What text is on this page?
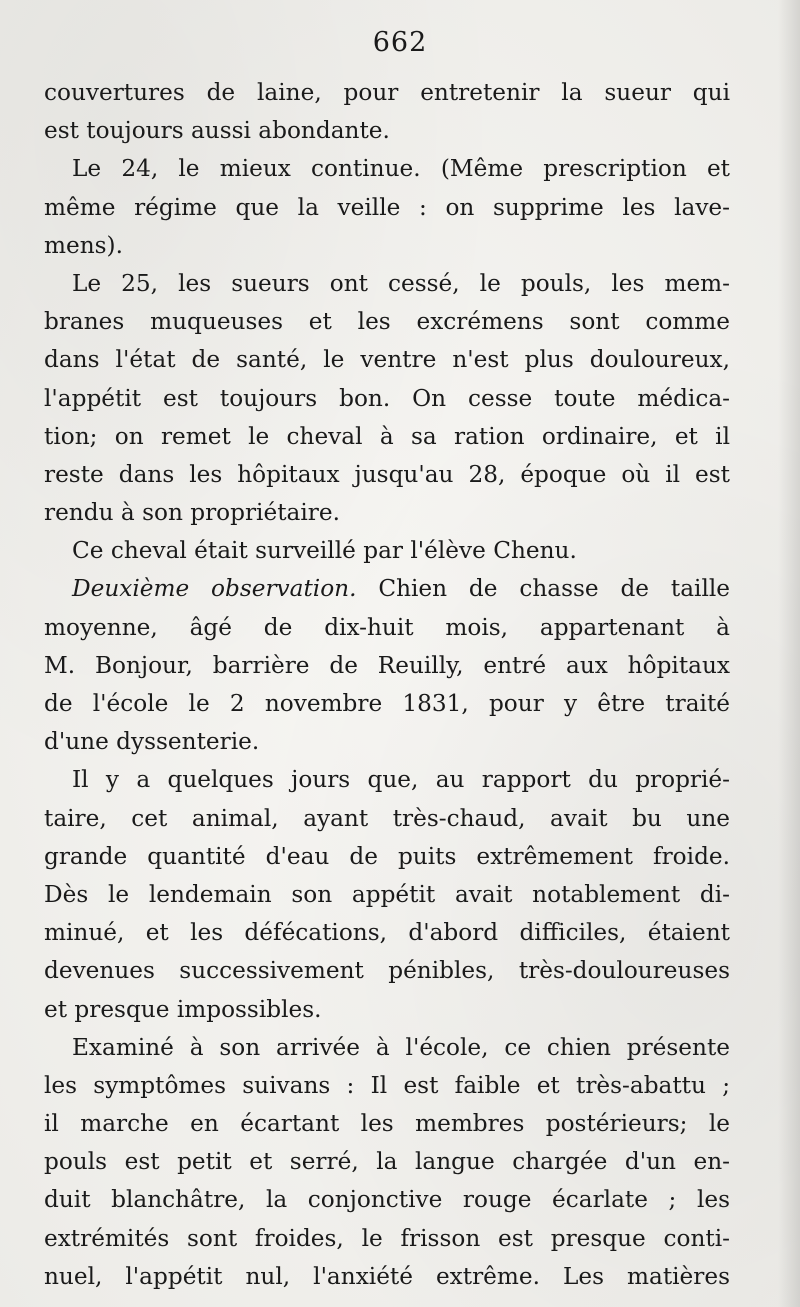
662

couvertures de laine, pour entretenir la sueur qui
est toujours aussi abondante.
Le 24, le mieux continue. (Même prescription et
même régime que la veille : on supprime les lave-
mens).
Le 25, les sueurs ont cessé, le pouls, les mem-
branes muqueuses et les excrémens sont comme
dans l'état de santé, le ventre n'est plus douloureux,
l'appétit est toujours bon. On cesse toute médica-
tion; on remet le cheval à sa ration ordinaire, et il
reste dans les hôpitaux jusqu'au 28, époque où il est
rendu à son propriétaire.
Ce cheval était surveillé par l'élève Chenu.
Deuxième observation. Chien de chasse de taille
moyenne, âgé de dix-huit mois, appartenant à
M. Bonjour, barrière de Reuilly, entré aux hôpitaux
de l'école le 2 novembre 1831, pour y être traité
d'une dyssenterie.
Il y a quelques jours que, au rapport du proprié-
taire, cet animal, ayant très-chaud, avait bu une
grande quantité d'eau de puits extrêmement froide.
Dès le lendemain son appétit avait notablement di-
minué, et les défécations, d'abord difficiles, étaient
devenues successivement pénibles, très-douloureuses
et presque impossibles.
Examiné à son arrivée à l'école, ce chien présente
les symptômes suivans : Il est faible et très-abattu ;
il marche en écartant les membres postérieurs; le
pouls est petit et serré, la langue chargée d'un en-
duit blanchâtre, la conjonctive rouge écarlate ; les
extrémités sont froides, le frisson est presque conti-
nuel, l'appétit nul, l'anxiété extrême. Les matières
